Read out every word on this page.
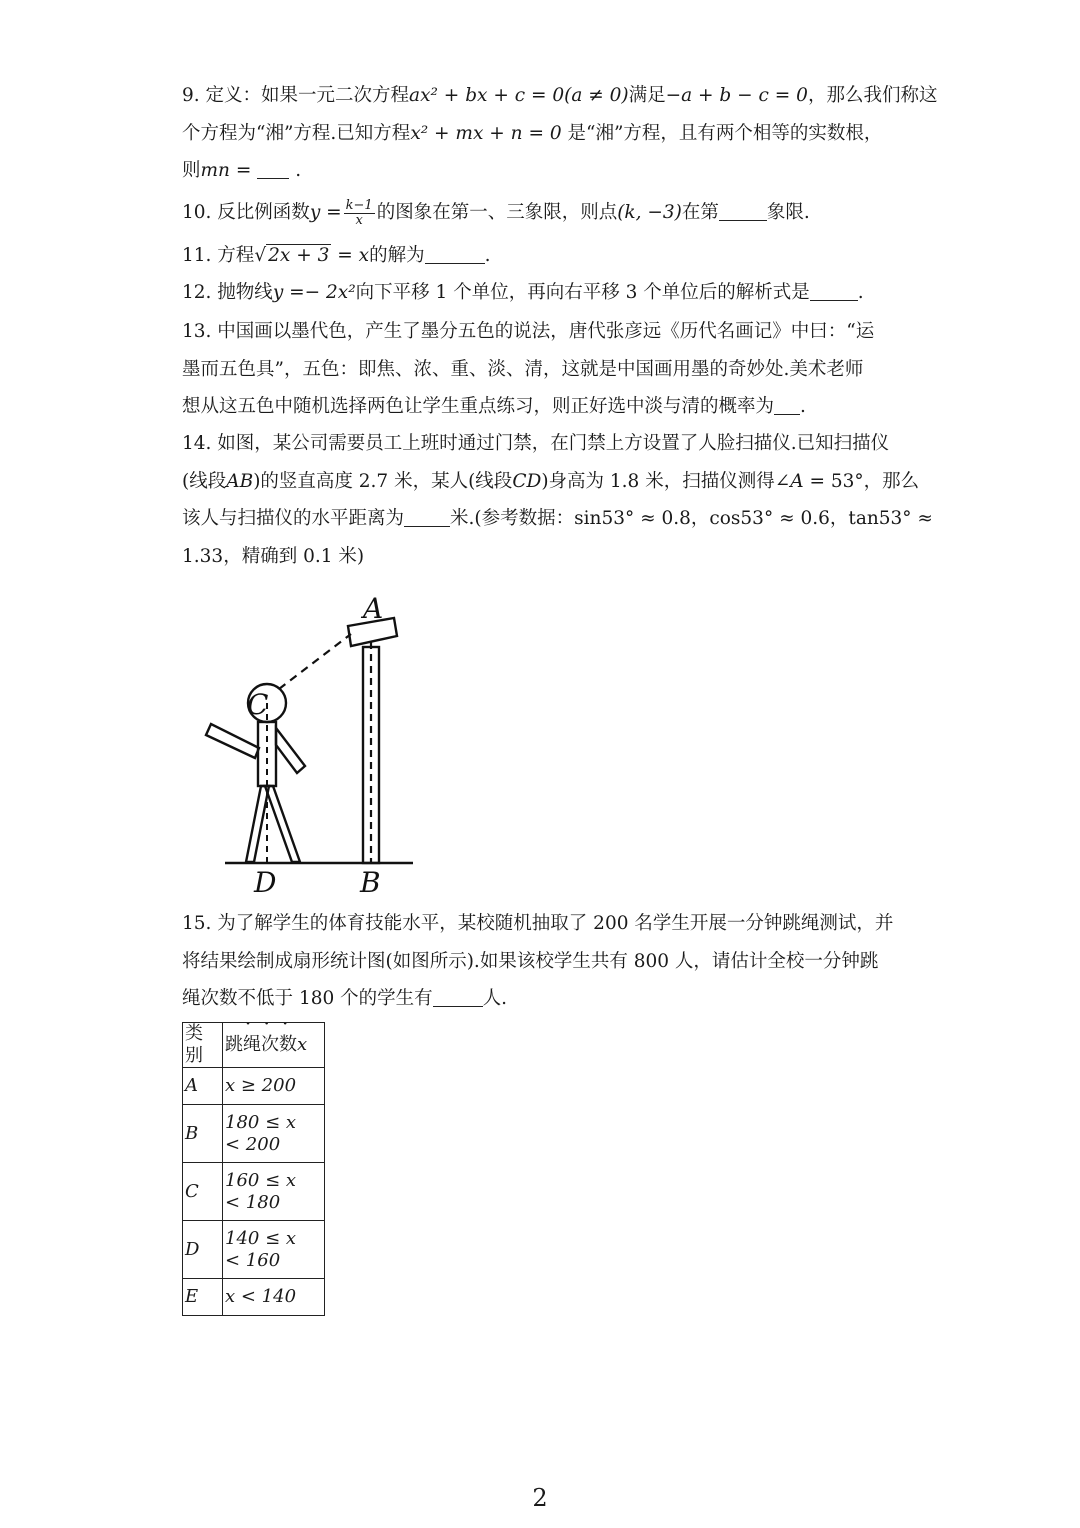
9. 定义：如果一元二次方程ax² + bx + c = 0(a ≠ 0)满足−a + b − c = 0，那么我们称这

个方程为“湘”方程.已知方程x² + mx + n = 0 是“湘”方程，且有两个相等的实数根，

则mn = .

10. 反比例函数$y = \frac{k-1}{x}$ 的图象在第一、三象限，则点(k, −3)在第	象限.

11. 方程√ 2x + 3 = x的解为	.

12. 抛物线y =− 2x²向下平移 1 个单位，再向右平移 3 个单位后的解析式是	.

13. 中国画以墨代色，产生了墨分五色的说法，唐代张彦远《历代名画记》中曰：“运

墨而五色具”，五色：即焦、浓、重、淡、清，这就是中国画用墨的奇妙处.美术老师

想从这五色中随机选择两色让学生重点练习，则正好选中淡与清的概率为 .

14. 如图，某公司需要员工上班时通过门禁，在门禁上方设置了人脸扫描仪.已知扫描仪

(线段AB)的竖直高度 2.7 米，某人(线段CD)身高为 1.8 米，扫描仪测得∠A = 53°，那么

该人与扫描仪的水平距离为 米.(参考数据：sin53° ≈ 0.8，cos53° ≈ 0.6，tan53° ≈

1.33，精确到 0.1 米)

A
B
C
D

15. 为了解学生的体育技能水平，某校随机抽取了 200 名学生开展一分钟跳绳测试，并

将结果绘制成扇形统计图(如图所示).如果该校学生共有 800 人，请估计全校一分钟跳

绳次数不低于 180 个的学生有	人.

类别	跳绳次数x
A	x ≥ 200

B	180 ≤ x
< 200

C	160 ≤ x
< 180

D	140 ≤ x
< 160

E	x < 140
2
